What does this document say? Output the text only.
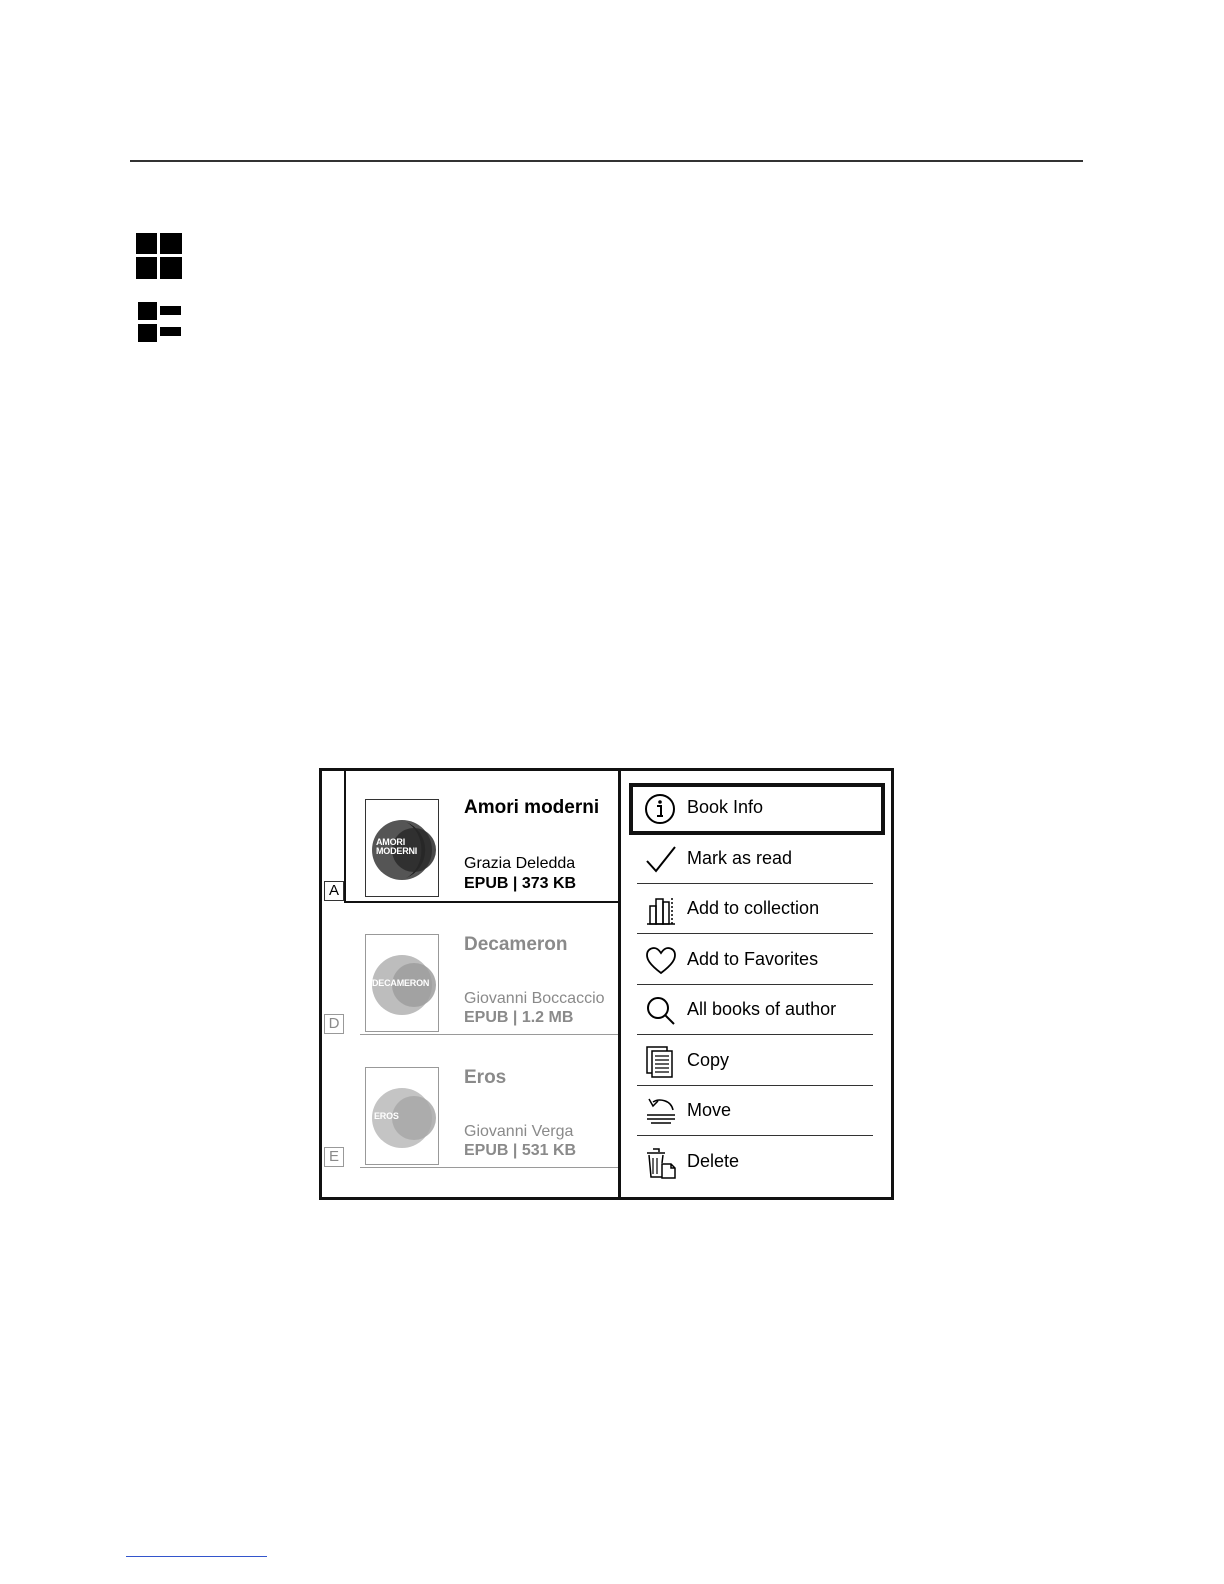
AMORI MODERNI
Amori moderni
Grazia Deledda
EPUB | 373 KB
A
DECAMERON
Decameron
Giovanni Boccaccio
EPUB | 1.2 MB
D
EROS
Eros
Giovanni Verga
EPUB | 531 KB
E
Book Info
Mark as read
Add to collection
Add to Favorites
All books of author
Copy
Move
Delete
